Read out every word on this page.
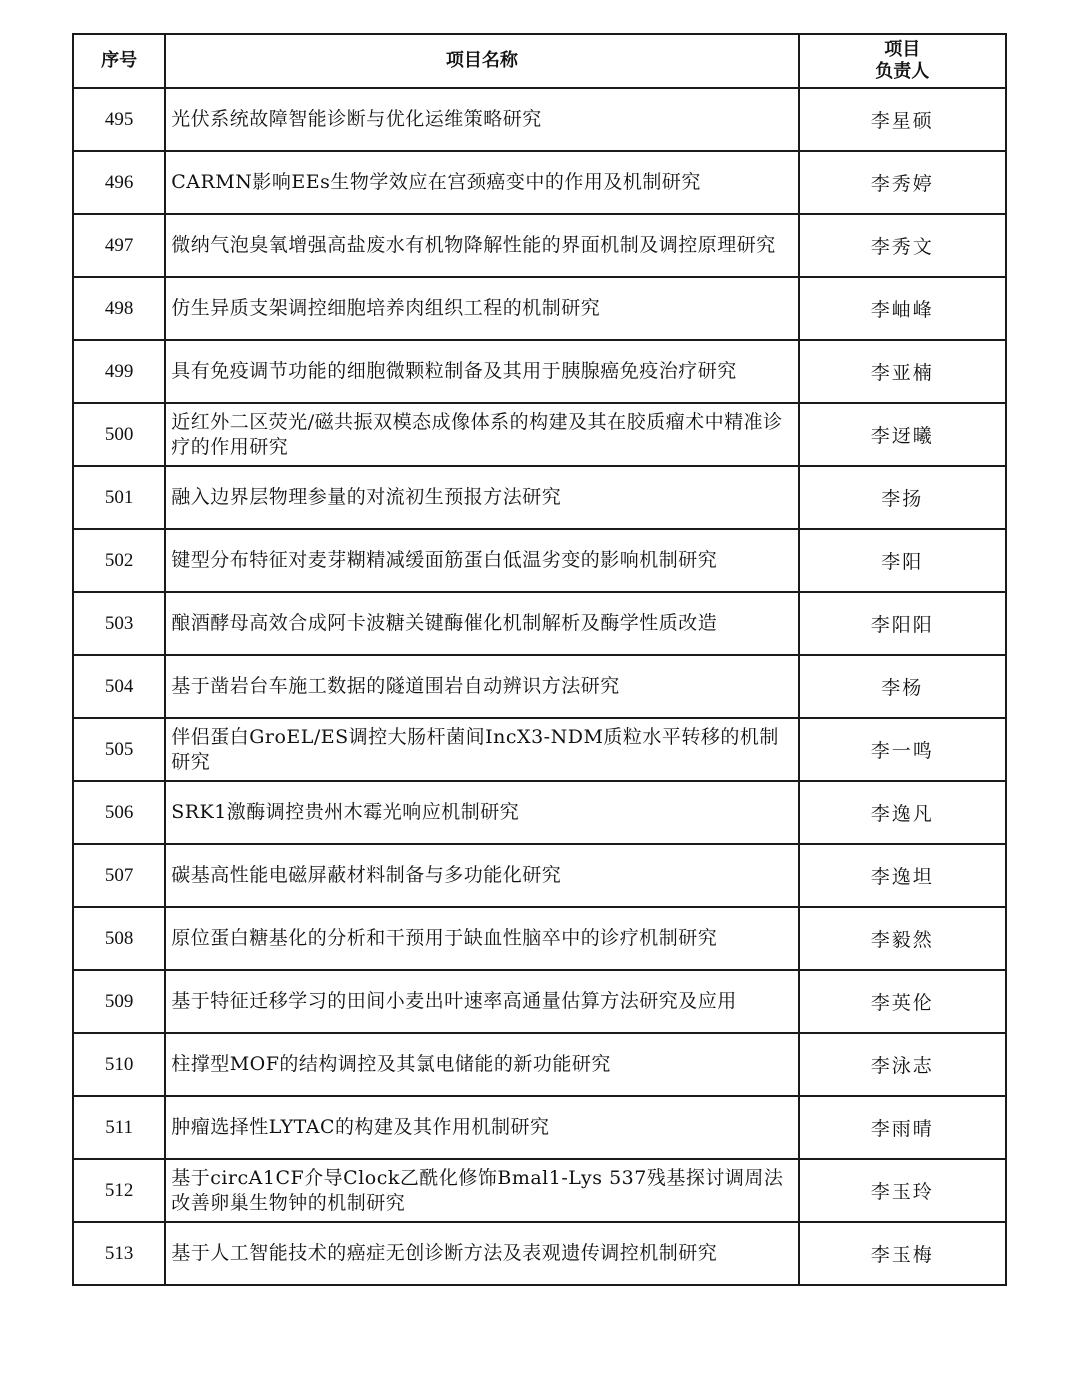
序号	项目名称	项目
负责人

495	光伏系统故障智能诊断与优化运维策略研究	李星硕
496	CARMN影响EEs生物学效应在宫颈癌变中的作用及机制研究	李秀婷
497	微纳气泡臭氧增强高盐废水有机物降解性能的界面机制及调控原理研究	李秀文
498	仿生异质支架调控细胞培养肉组织工程的机制研究	李岫峰
499	具有免疫调节功能的细胞微颗粒制备及其用于胰腺癌免疫治疗研究	李亚楠
500	近红外二区荧光/磁共振双模态成像体系的构建及其在胶质瘤术中精准诊疗的作用研究	李迓曦
501	融入边界层物理参量的对流初生预报方法研究	李扬
502	键型分布特征对麦芽糊精减缓面筋蛋白低温劣变的影响机制研究	李阳
503	酿酒酵母高效合成阿卡波糖关键酶催化机制解析及酶学性质改造	李阳阳
504	基于凿岩台车施工数据的隧道围岩自动辨识方法研究	李杨
505	伴侣蛋白GroEL/ES调控大肠杆菌间IncX3-NDM质粒水平转移的机制研究	李一鸣
506	SRK1激酶调控贵州木霉光响应机制研究	李逸凡
507	碳基高性能电磁屏蔽材料制备与多功能化研究	李逸坦
508	原位蛋白糖基化的分析和干预用于缺血性脑卒中的诊疗机制研究	李毅然
509	基于特征迁移学习的田间小麦出叶速率高通量估算方法研究及应用	李英伦
510	柱撑型MOF的结构调控及其氯电储能的新功能研究	李泳志
511	肿瘤选择性LYTAC的构建及其作用机制研究	李雨晴
512	基于circA1CF介导Clock乙酰化修饰Bmal1-Lys 537残基探讨调周法改善卵巢生物钟的机制研究	李玉玲
513	基于人工智能技术的癌症无创诊断方法及表观遗传调控机制研究	李玉梅
